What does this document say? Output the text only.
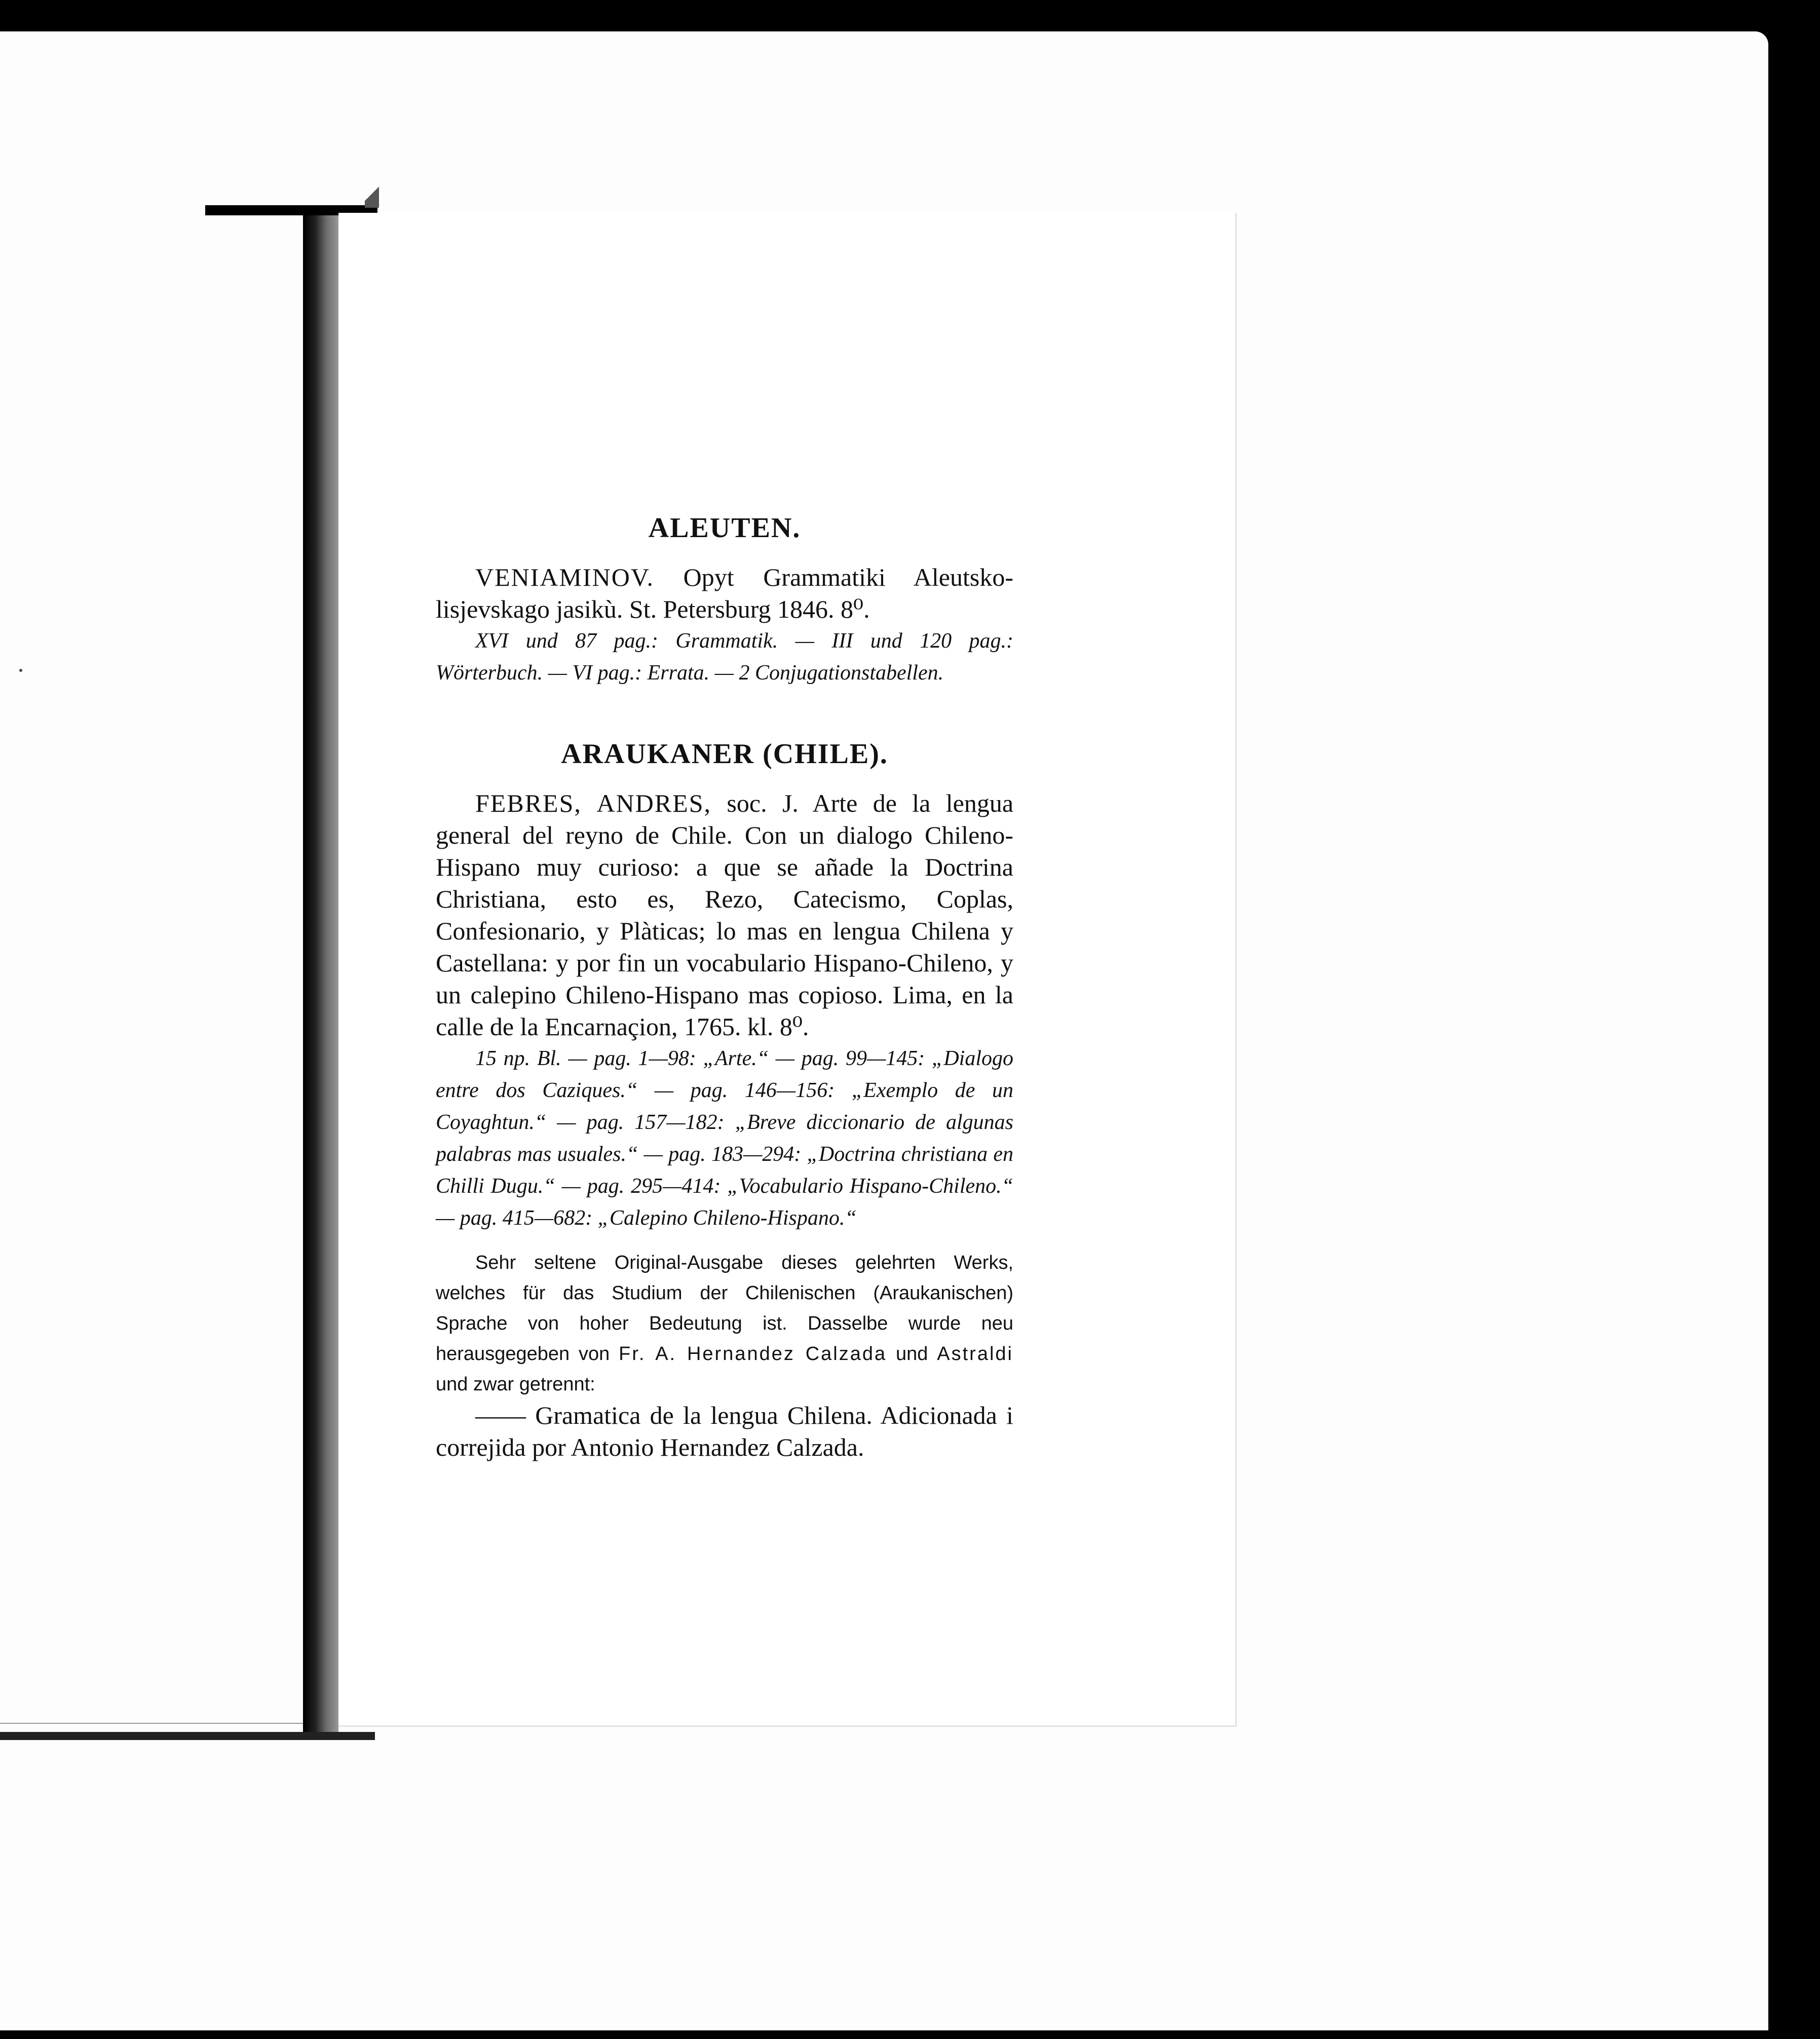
ALEUTEN.

VENIAMINOV. Opyt Grammatiki Aleutsko-lisjevskago jasikù. St. Petersburg 1846. 8⁰.

XVI und 87 pag.: Grammatik. — III und 120 pag.: Wörterbuch. — VI pag.: Errata. — 2 Conjugationstabellen.

ARAUKANER (CHILE).

FEBRES, ANDRES, soc. J. Arte de la lengua general del reyno de Chile. Con un dialogo Chileno-Hispano muy curioso: a que se añade la Doctrina Christiana, esto es, Rezo, Catecismo, Coplas, Confesionario, y Plàticas; lo mas en lengua Chilena y Castellana: y por fin un vocabulario Hispano-Chileno, y un calepino Chileno-Hispano mas copioso. Lima, en la calle de la Encarnaçion, 1765. kl. 8⁰.

15 np. Bl. — pag. 1—98: „Arte.“ — pag. 99—145: „Dialogo entre dos Caziques.“ — pag. 146—156: „Exemplo de un Coyaghtun.“ — pag. 157—182: „Breve diccionario de algunas palabras mas usuales.“ — pag. 183—294: „Doctrina christiana en Chilli Dugu.“ — pag. 295—414: „Vocabulario Hispano-Chileno.“ — pag. 415—682: „Calepino Chileno-Hispano.“

Sehr seltene Original-Ausgabe dieses gelehrten Werks, welches für das Studium der Chilenischen (Araukanischen) Sprache von hoher Bedeutung ist. Dasselbe wurde neu herausgegeben von Fr. A. Hernandez Calzada und Astraldi und zwar getrennt:

—— Gramatica de la lengua Chilena. Adicionada i correjida por Antonio Hernandez Calzada.
